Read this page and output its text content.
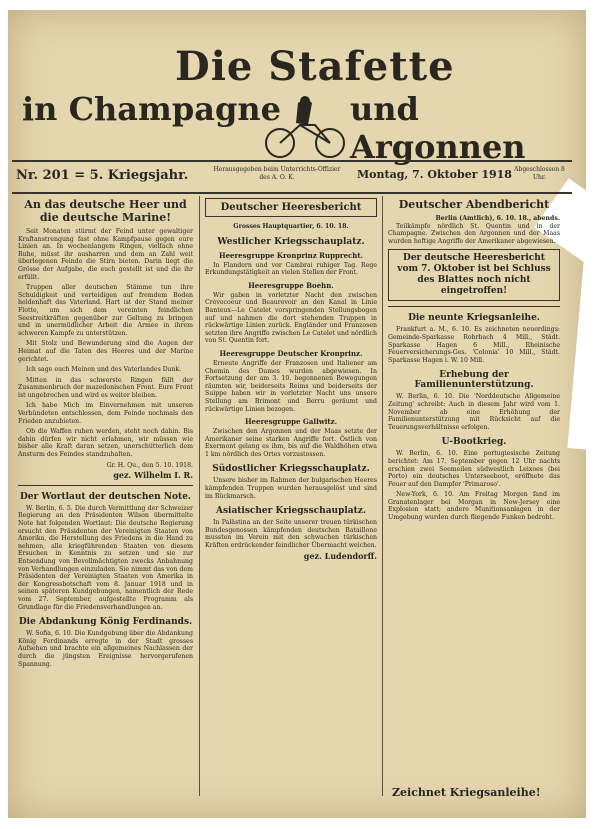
Die Stafette
in Champagne und Argonnen
Nr. 201 = 5. Kriegsjahr.	Herausgegeben beim Unterrichts-Offizier des A. O. K.	Montag, 7. Oktober 1918 Abgeschlossen 8 Uhr.
An das deutsche Heer und die deutsche Marine!

Seit Monaten stürmt der Feind unter gewaltiger Kraftanstrengung fast ohne Kampfpause gegen eure Linien an. In wochenlangem Ringen, vielfach ohne Ruhe, müsst ihr ausharren und dem an Zahl weit überlegenen Feinde die Stirn bieten. Darin liegt die Grösse der Aufgabe, die euch gestellt ist und die ihr erfüllt.

Truppen aller deutschen Stämme tun ihre Schuldigkeit und verteidigen auf fremdem Boden heldenhaft das Vaterland. Hart ist der Stand meiner Flotte, um sich dem vereinten feindlichen Seestreitkräften gegenüber zur Geltung zu bringen und in unermüdlicher Arbeit die Armee in ihrem schweren Kampfe zu unterstützen.

Mit Stolz und Bewunderung sind die Augen der Heimat auf die Taten des Heeres und der Marine gerichtet.

Ich sage euch Meinen und des Vaterlandes Dank.

Mitten in das schwerste Ringen fällt der Zusammenbruch der mazedonischen Front. Eure Front ist ungebrochen und wird es weiter bleiben.

Ich habe Mich im Einvernehmen mit unseren Verbündeten entschlossen, dem Feinde nochmals den Frieden anzubieten.

Ob die Waffen ruhen werden, steht noch dahin. Bis dahin dürfen wir nicht erlahmen, wir müssen wie bisher alle Kraft daran setzen, unerschütterlich dem Ansturm des Feindes standzuhalten.

Gr. H. Qu., den 5. 10. 1918.
gez. Wilhelm I. R.
Der Wortlaut der deutschen Note.

W. Berlin, 6. 5. Die durch Vermittlung der Schweizer Regierung an den Präsidenten Wilson übermittelte Note hat folgenden Wortlaut: Die deutsche Regierung ersucht den Präsidenten der Vereinigten Staaten von Amerika, die Herstellung des Friedens in die Hand zu nehmen, alle kriegführenden Staaten von diesem Ersuchen in Kenntnis zu setzen und sie zur Entsendung von Bevollmächtigten zwecks Anbahnung von Verhandlungen einzuladen. Sie nimmt das von dem Präsidenten der Vereinigten Staaten von Amerika in der Kongressbotschaft vom 8. Januar 1918 und in seinen späteren Kundgebungen, namentlich der Rede vom 27. September, aufgestellte Programm als Grundlage für die Friedensverhandlungen an.

Die Abdankung König Ferdinands.

W. Sofia, 6. 10. Die Kundgebung über die Abdankung König Ferdinands erregte in der Stadt grosses Aufsehen und brachte ein allgemeines Nachlassen der durch die jüngsten Ereignisse hervorgerufenen Spannung.

Deutscher Heeresbericht
Grosses Hauptquartier, 6. 10. 18.
Westlicher Kriegsschauplatz.
Heeresgruppe Kronprinz Rupprecht.

In Flandern und vor Cambrai ruhiger Tag. Rege Erkundungstätigkeit an vielen Stellen der Front.

Heeresgruppe Boehn.

Wir gaben in vorletzter Nacht den zwischen Crèvecoeur und Beaurevoir an den Kanal in Linie Banteux—Le Catelet vorspringenden Stellungsbogen auf und nahmen die dort stehenden Truppen in rückwärtige Linien zurück. Engländer und Franzosen setzten ihre Angriffe zwischen Le Catelet und nördlich von St. Quentin fort.

Heeresgruppe Deutscher Kronprinz.

Erneute Angriffe der Franzosen und Italiener am Chemin des Dames wurden abgewiesen. In Fortsetzung der am 3. 10. begonnenen Bewegungen räumten wir, beiderseits Reims und beiderseits der Suippe haben wir in vorletzter Nacht uns unsere Stellung am Brimont und Berru geräumt und rückwärtige Linien bezogen.

Heeresgruppe Gallwitz.

Zwischen den Argonnen und der Maas setzte der Amerikaner seine starken Angriffe fort. Östlich von Exermont gelang es ihm, bis auf die Waldhöhen etwa 1 km nördlich des Ortes vorzustossen.

Südostlicher Kriegsschauplatz.

Unsere bisher im Rahmen der bulgarischen Heeres kämpfenden Truppen wurden herausgelöst und sind im Rückmarsch.

Asiatischer Kriegsschauplatz.

In Palästina an der Seite unserer treuen türkischen Bundesgenossen kämpfenden deutschen Bataillone mussten im Verein mit den schwachen türkischen Kräften erdrückender feindlicher Übermacht weichen.

gez. Ludendorff.
Deutscher Abendbericht
Berlin (Amtlich), 6. 10. 18., abends.

Teilkämpfe nördlich St. Quentin und in der Champagne. Zwischen den Argonnen und der Maas wurden heftige Angriffe der Amerikaner abgewiesen.

Der deutsche Heeresbericht vom 7. Oktober ist bei Schluss des Blattes noch nicht eingetroffen!
Die neunte Kriegsanleihe.

Frankfurt a. M., 6. 10. Es zeichneten neuerdings: Gemeinde-Sparkasse Rohrbach 4 Mill., Städt. Sparkasse Hagen 6 Mill., Rheinische Feuerversicherungs-Ges. 'Colonia' 10 Mill., Städt. Sparkasse Hagen i. W. 10 Mill.

Erhebung der Familienunterstützung.

W. Berlin, 6. 10. Die 'Norddeutsche Allgemeine Zeitung' schreibt: Auch in diesem Jahr wird vom 1. November ab eine Erhöhung der Familienunterstützung mit Rücksicht auf die Teuerungsverhältnisse erfolgen.

U-Bootkrieg.

W. Berlin, 6. 10. Eine portugiesische Zeitung berichtet: Am 17. September gegen 12 Uhr nachts erschien zwei Seemeilen südwestlich Leixoes (bei Porto) ein deutsches Unterseeboot, eröffnete das Feuer auf den Dampfer 'Primaroso'.

New-York, 6. 10. Am Freitag Morgen fand im Granatenlager bei Morgan in New-Jersey eine Explosion statt; andere Munitionsanlagen in der Umgebung wurden durch fliegende Funken bedroht.

Zeichnet Kriegsanleihe!
